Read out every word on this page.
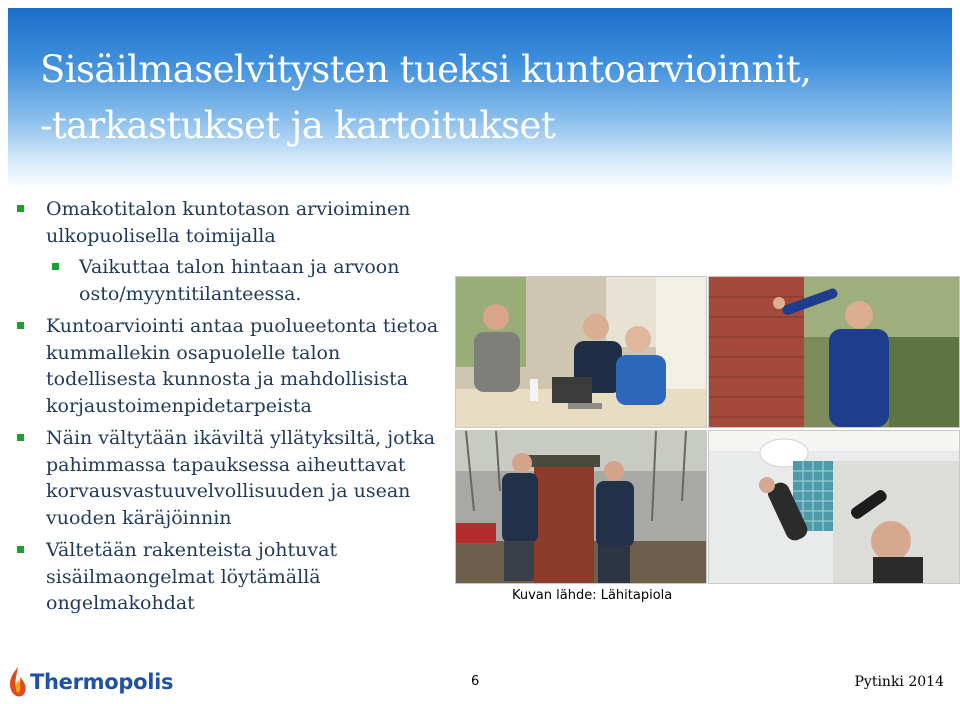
Sisäilmaselvitysten tueksi kuntoarvioinnit,
-tarkastukset ja kartoitukset
Omakotitalon kuntotason arvioiminen
ulkopuolisella toimijalla
Vaikuttaa talon hintaan ja arvoon
osto/myyntitilanteessa.
Kuntoarviointi antaa puolueetonta tietoa
kummallekin osapuolelle talon
todellisesta kunnosta ja mahdollisista
korjaustoimenpidetarpeista
Näin vältytään ikäviltä yllätyksiltä, jotka
pahimmassa tapauksessa aiheuttavat
korvausvastuuvelvollisuuden ja usean
vuoden käräjöinnin
Vältetään rakenteista johtuvat
sisäilmaongelmat löytämällä
ongelmakohdat	Kuvan lähde: Lähitapiola
Thermopolis	6	Pytinki 2014
